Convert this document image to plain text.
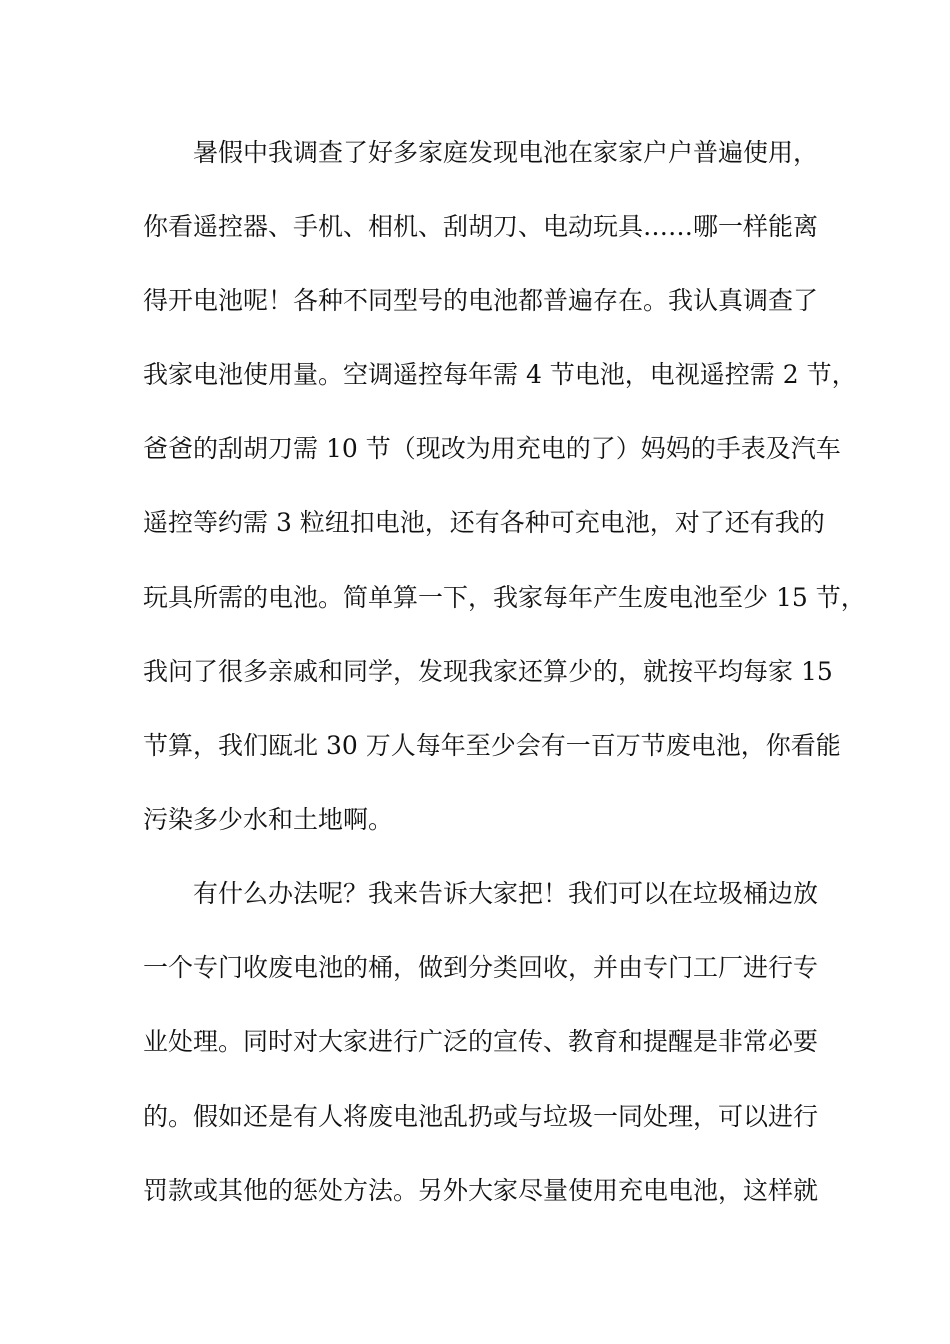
暑假中我调查了好多家庭发现电池在家家户户普遍使用，
你看遥控器、手机、相机、刮胡刀、电动玩具……哪一样能离
得开电池呢！各种不同型号的电池都普遍存在。我认真调查了
我家电池使用量。空调遥控每年需 4 节电池，电视遥控需 2 节，
爸爸的刮胡刀需 10 节（现改为用充电的了）妈妈的手表及汽车
遥控等约需 3 粒纽扣电池，还有各种可充电池，对了还有我的
玩具所需的电池。简单算一下，我家每年产生废电池至少 15 节，
我问了很多亲戚和同学，发现我家还算少的，就按平均每家 15
节算，我们瓯北 30 万人每年至少会有一百万节废电池，你看能
污染多少水和土地啊。
有什么办法呢？我来告诉大家把！我们可以在垃圾桶边放
一个专门收废电池的桶，做到分类回收，并由专门工厂进行专
业处理。同时对大家进行广泛的宣传、教育和提醒是非常必要
的。假如还是有人将废电池乱扔或与垃圾一同处理，可以进行
罚款或其他的惩处方法。另外大家尽量使用充电电池，这样就
